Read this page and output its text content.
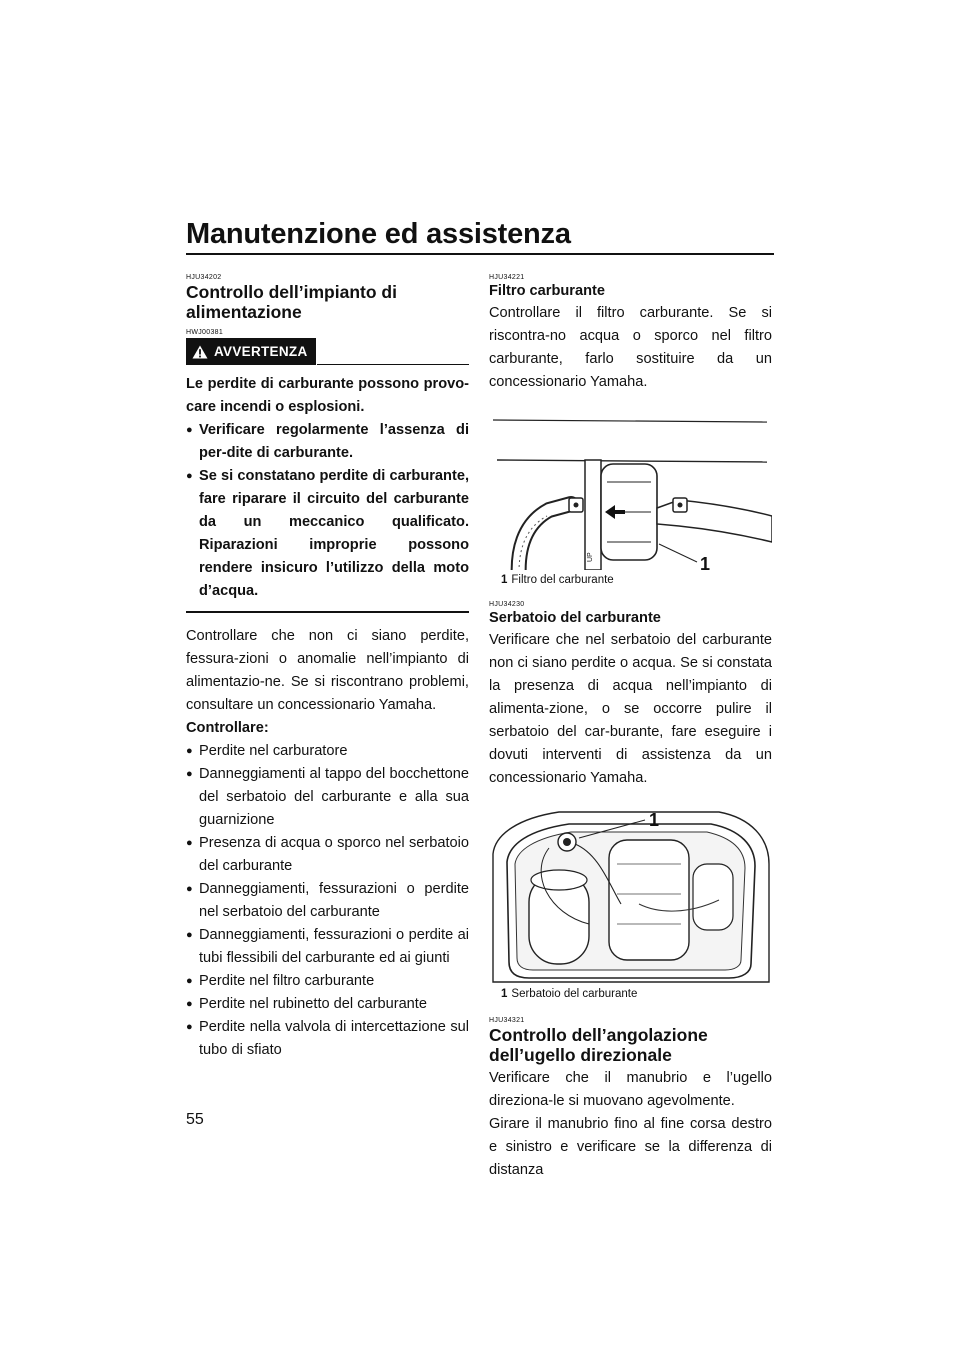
Manutenzione ed assistenza
55
HJU34202
Controllo dell’impianto di alimentazione
HWJ00381
AVVERTENZA

Le perdite di carburante possono provo-care incendi o esplosioni.

● Verificare regolarmente l’assenza di per-dite di carburante.
● Se si constatano perdite di carburante, fare riparare il circuito del carburante da un meccanico qualificato. Riparazioni improprie possono rendere insicuro l’utilizzo della moto d’acqua.

Controllare che non ci siano perdite, fessura-zioni o anomalie nell’impianto di alimentazio-ne. Se si riscontrano problemi, consultare un concessionario Yamaha.

Controllare:
● Perdite nel carburatore
● Danneggiamenti al tappo del bocchettone del serbatoio del carburante e alla sua guarnizione
● Presenza di acqua o sporco nel serbatoio del carburante
● Danneggiamenti, fessurazioni o perdite nel serbatoio del carburante
● Danneggiamenti, fessurazioni o perdite ai tubi flessibili del carburante ed ai giunti
● Perdite nel filtro carburante
● Perdite nel rubinetto del carburante
● Perdite nella valvola di intercettazione sul tubo di sfiato
HJU34221
Filtro carburante

Controllare il filtro carburante. Se si riscontra-no acqua o sporco nel filtro carburante, farlo sostituire da un concessionario Yamaha.

UP	1
1 Filtro del carburante
HJU34230
Serbatoio del carburante

Verificare che nel serbatoio del carburante non ci siano perdite o acqua. Se si constata la presenza di acqua nell’impianto di alimenta-zione, o se occorre pulire il serbatoio del car-burante, fare eseguire i dovuti interventi di assistenza da un concessionario Yamaha.

1
1 Serbatoio del carburante
HJU34321
Controllo dell’angolazione dell’ugello direzionale

Verificare che il manubrio e l’ugello direziona-le si muovano agevolmente.

Girare il manubrio fino al fine corsa destro e sinistro e verificare se la differenza di distanza
